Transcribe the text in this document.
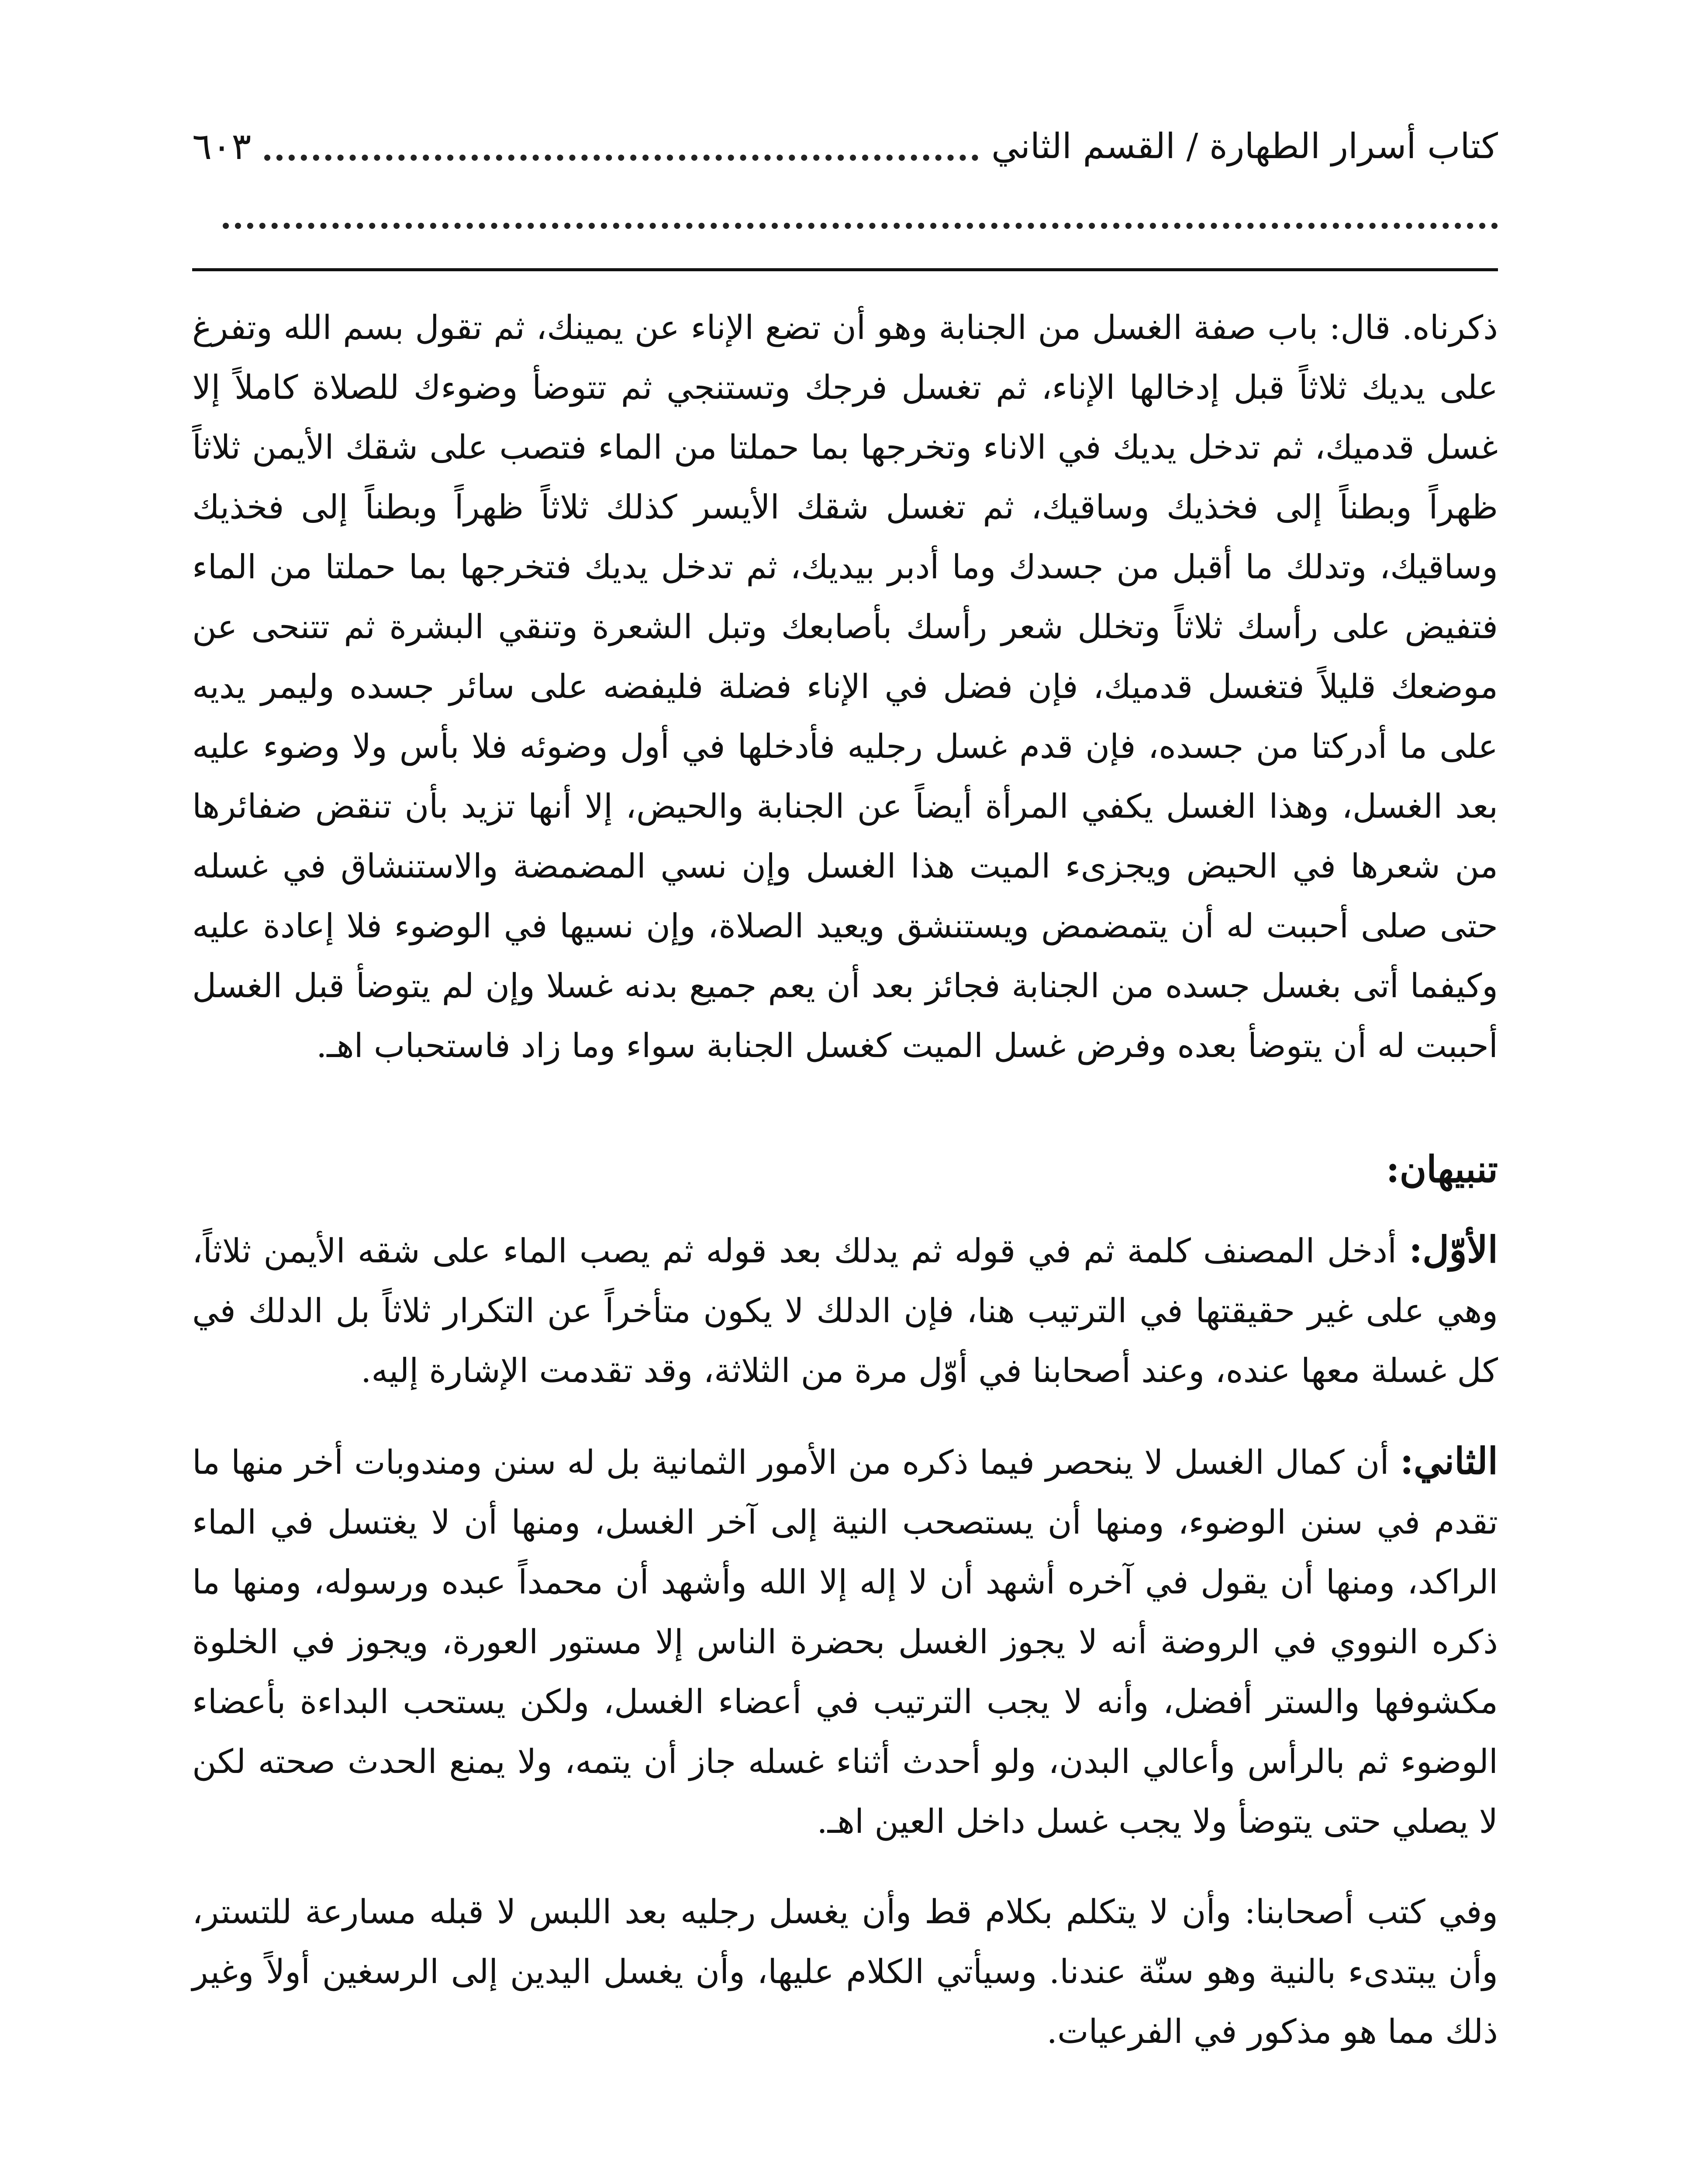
كتاب أسرار الطهارة / القسم الثاني
٦٠٣

ذكرناه. قال: باب صفة الغسل من الجنابة وهو أن تضع الإناء عن يمينك، ثم تقول بسم الله وتفرغ على يديك ثلاثاً قبل إدخالها الإناء، ثم تغسل فرجك وتستنجي ثم تتوضأ وضوءك للصلاة كاملاً إلا غسل قدميك، ثم تدخل يديك في الاناء وتخرجها بما حملتا من الماء فتصب على شقك الأيمن ثلاثاً ظهراً وبطناً إلى فخذيك وساقيك، ثم تغسل شقك الأيسر كذلك ثلاثاً ظهراً وبطناً إلى فخذيك وساقيك، وتدلك ما أقبل من جسدك وما أدبر بيديك، ثم تدخل يديك فتخرجها بما حملتا من الماء فتفيض على رأسك ثلاثاً وتخلل شعر رأسك بأصابعك وتبل الشعرة وتنقي البشرة ثم تتنحى عن موضعك قليلاً فتغسل قدميك، فإن فضل في الإناء فضلة فليفضه على سائر جسده وليمر يديه على ما أدركتا من جسده، فإن قدم غسل رجليه فأدخلها في أول وضوئه فلا بأس ولا وضوء عليه بعد الغسل، وهذا الغسل يكفي المرأة أيضاً عن الجنابة والحيض، إلا أنها تزيد بأن تنقض ضفائرها من شعرها في الحيض ويجزىء الميت هذا الغسل وإن نسي المضمضة والاستنشاق في غسله حتى صلى أحببت له أن يتمضمض ويستنشق ويعيد الصلاة، وإن نسيها في الوضوء فلا إعادة عليه وكيفما أتى بغسل جسده من الجنابة فجائز بعد أن يعم جميع بدنه غسلا وإن لم يتوضأ قبل الغسل أحببت له أن يتوضأ بعده وفرض غسل الميت كغسل الجنابة سواء وما زاد فاستحباب اهـ.

تنبيهان:

الأوّل: أدخل المصنف كلمة ثم في قوله ثم يدلك بعد قوله ثم يصب الماء على شقه الأيمن ثلاثاً، وهي على غير حقيقتها في الترتيب هنا، فإن الدلك لا يكون متأخراً عن التكرار ثلاثاً بل الدلك في كل غسلة معها عنده، وعند أصحابنا في أوّل مرة من الثلاثة، وقد تقدمت الإشارة إليه.

الثاني: أن كمال الغسل لا ينحصر فيما ذكره من الأمور الثمانية بل له سنن ومندوبات أخر منها ما تقدم في سنن الوضوء، ومنها أن يستصحب النية إلى آخر الغسل، ومنها أن لا يغتسل في الماء الراكد، ومنها أن يقول في آخره أشهد أن لا إله إلا الله وأشهد أن محمداً عبده ورسوله، ومنها ما ذكره النووي في الروضة أنه لا يجوز الغسل بحضرة الناس إلا مستور العورة، ويجوز في الخلوة مكشوفها والستر أفضل، وأنه لا يجب الترتيب في أعضاء الغسل، ولكن يستحب البداءة بأعضاء الوضوء ثم بالرأس وأعالي البدن، ولو أحدث أثناء غسله جاز أن يتمه، ولا يمنع الحدث صحته لكن لا يصلي حتى يتوضأ ولا يجب غسل داخل العين اهـ.

وفي كتب أصحابنا: وأن لا يتكلم بكلام قط وأن يغسل رجليه بعد اللبس لا قبله مسارعة للتستر، وأن يبتدىء بالنية وهو سنّة عندنا. وسيأتي الكلام عليها، وأن يغسل اليدين إلى الرسغين أولاً وغير ذلك مما هو مذكور في الفرعيات.
